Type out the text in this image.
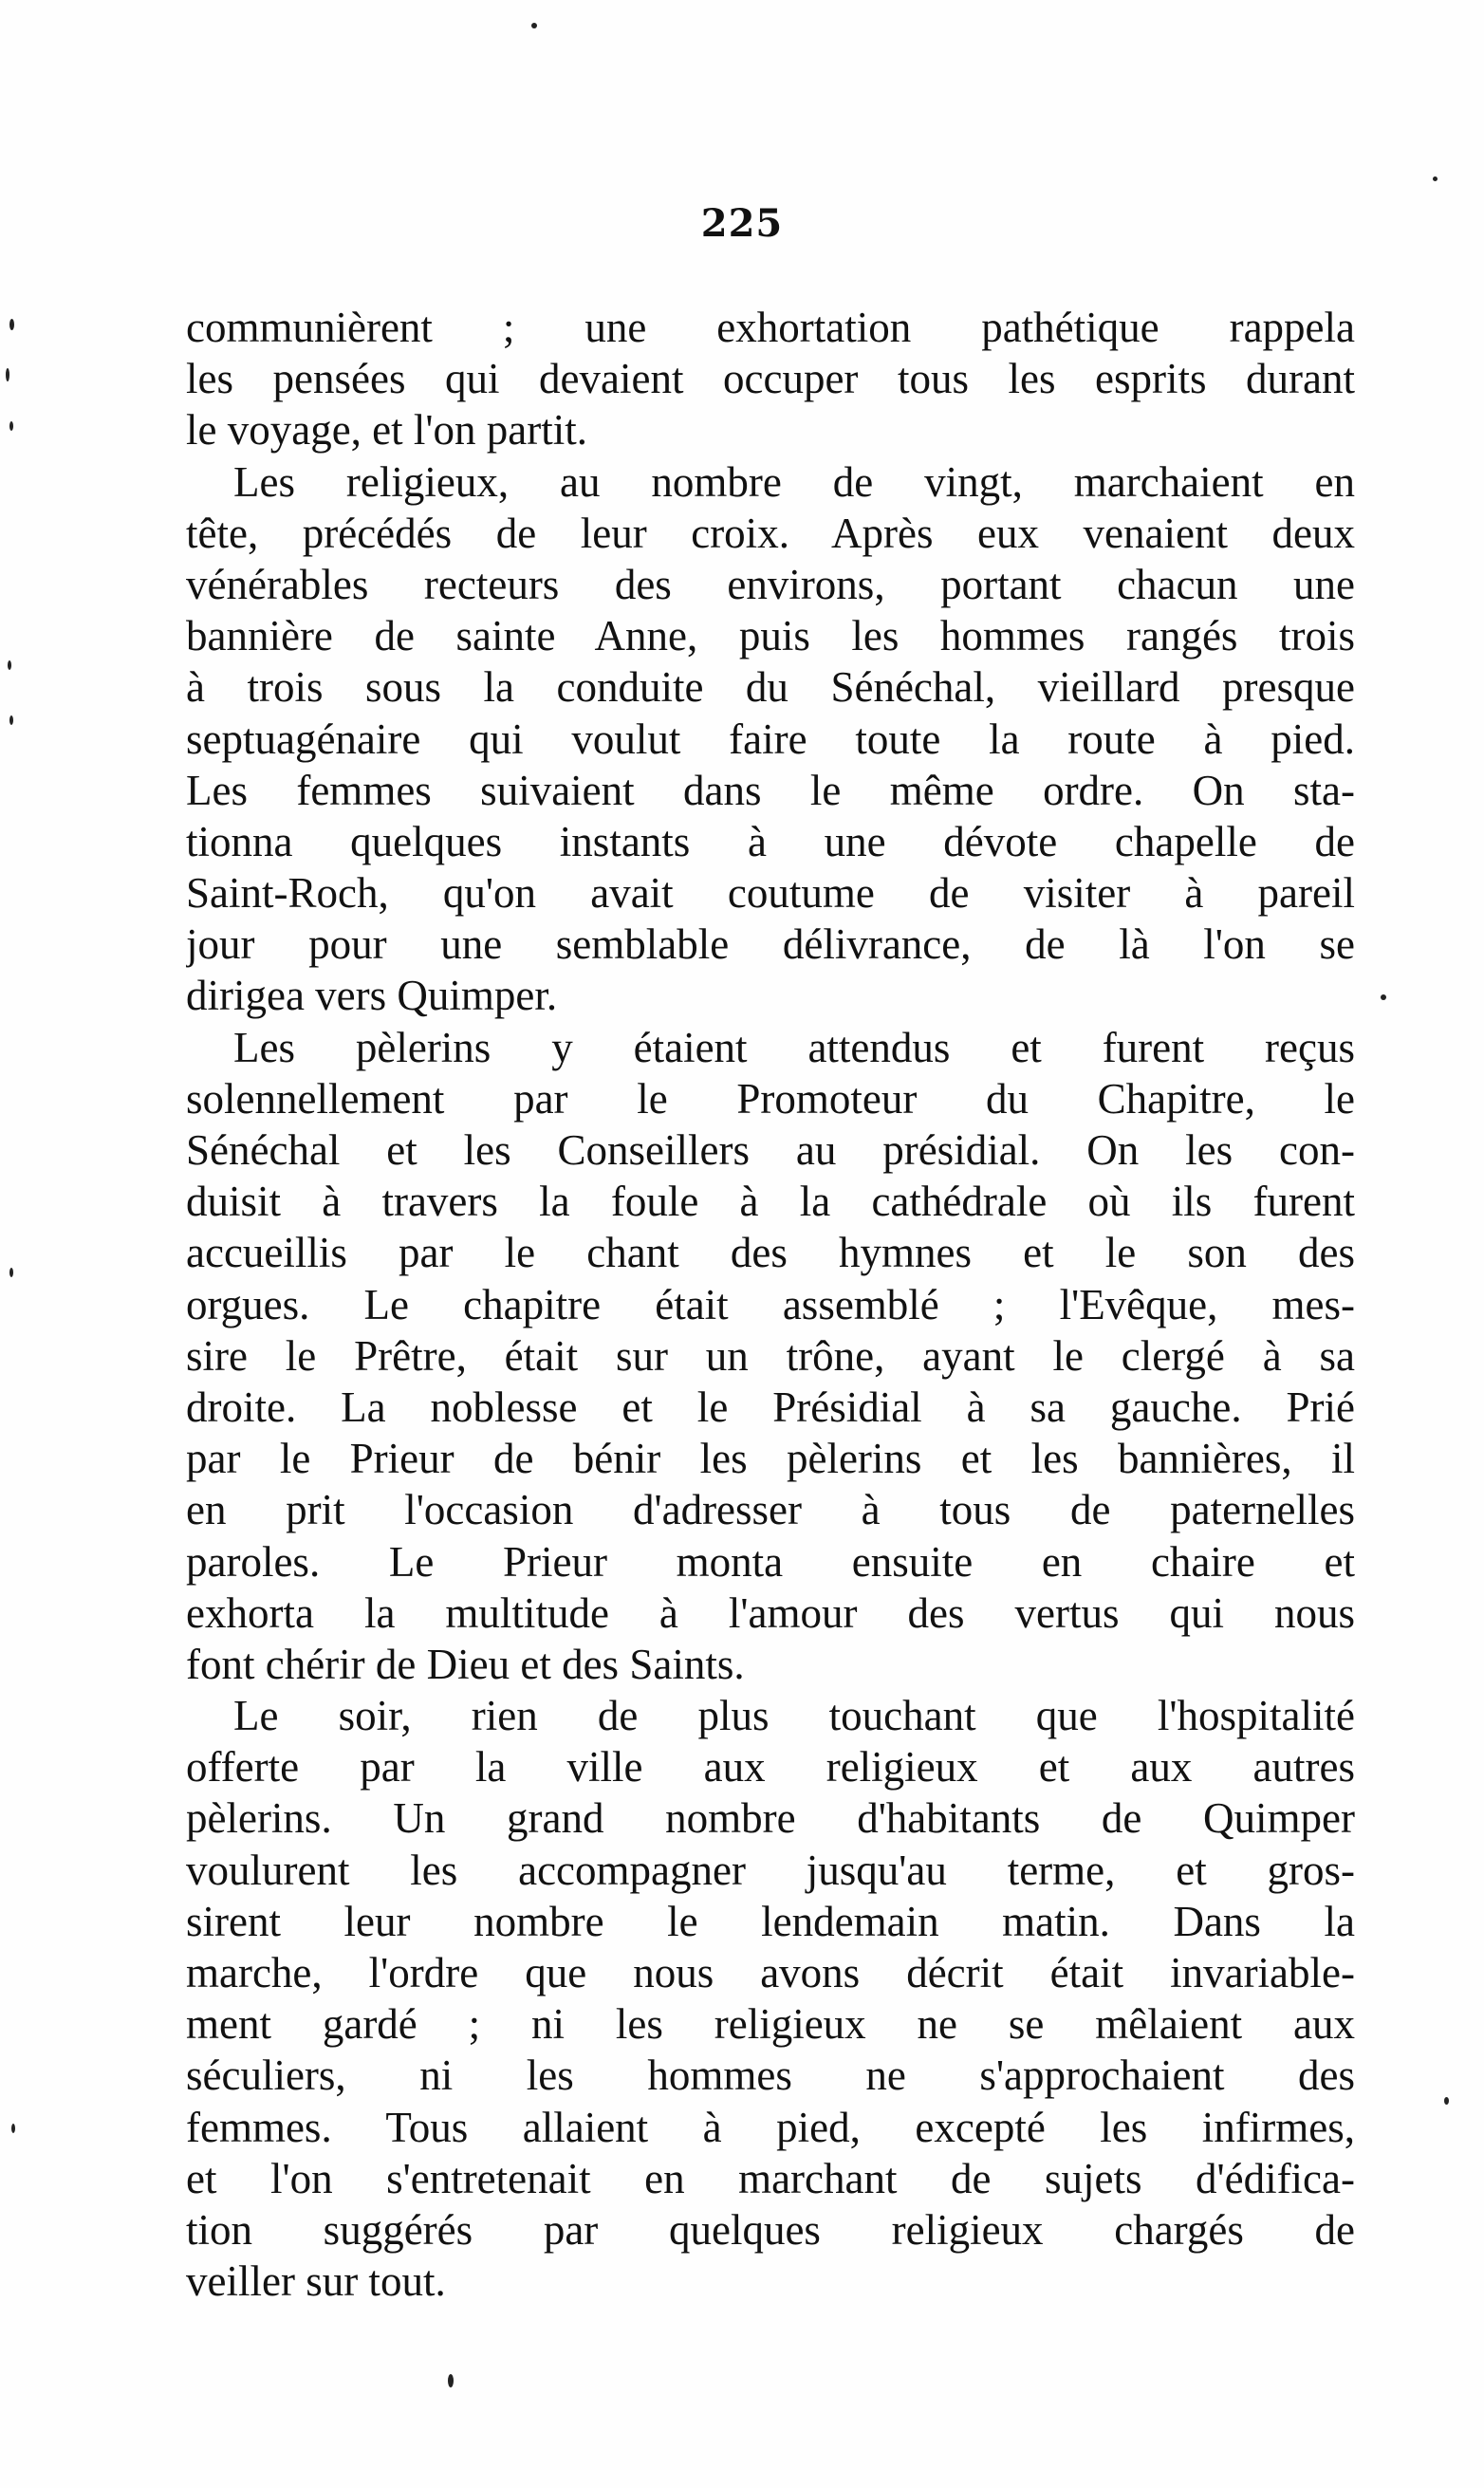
225
communièrent ; une exhortation pathétique rappela
les pensées qui devaient occuper tous les esprits durant
le voyage, et l'on partit.
Les religieux, au nombre de vingt, marchaient en
tête, précédés de leur croix. Après eux venaient deux
vénérables recteurs des environs, portant chacun une
bannière de sainte Anne, puis les hommes rangés trois
à trois sous la conduite du Sénéchal, vieillard presque
septuagénaire qui voulut faire toute la route à pied.
Les femmes suivaient dans le même ordre. On sta-
tionna quelques instants à une dévote chapelle de
Saint-Roch, qu'on avait coutume de visiter à pareil
jour pour une semblable délivrance, de là l'on se
dirigea vers Quimper.
Les pèlerins y étaient attendus et furent reçus
solennellement par le Promoteur du Chapitre, le
Sénéchal et les Conseillers au présidial. On les con-
duisit à travers la foule à la cathédrale où ils furent
accueillis par le chant des hymnes et le son des
orgues. Le chapitre était assemblé ; l'Evêque, mes-
sire le Prêtre, était sur un trône, ayant le clergé à sa
droite. La noblesse et le Présidial à sa gauche. Prié
par le Prieur de bénir les pèlerins et les bannières, il
en prit l'occasion d'adresser à tous de paternelles
paroles. Le Prieur monta ensuite en chaire et
exhorta la multitude à l'amour des vertus qui nous
font chérir de Dieu et des Saints.
Le soir, rien de plus touchant que l'hospitalité
offerte par la ville aux religieux et aux autres
pèlerins. Un grand nombre d'habitants de Quimper
voulurent les accompagner jusqu'au terme, et gros-
sirent leur nombre le lendemain matin. Dans la
marche, l'ordre que nous avons décrit était invariable-
ment gardé ; ni les religieux ne se mêlaient aux
séculiers, ni les hommes ne s'approchaient des
femmes. Tous allaient à pied, excepté les infirmes,
et l'on s'entretenait en marchant de sujets d'édifica-
tion suggérés par quelques religieux chargés de
veiller sur tout.
